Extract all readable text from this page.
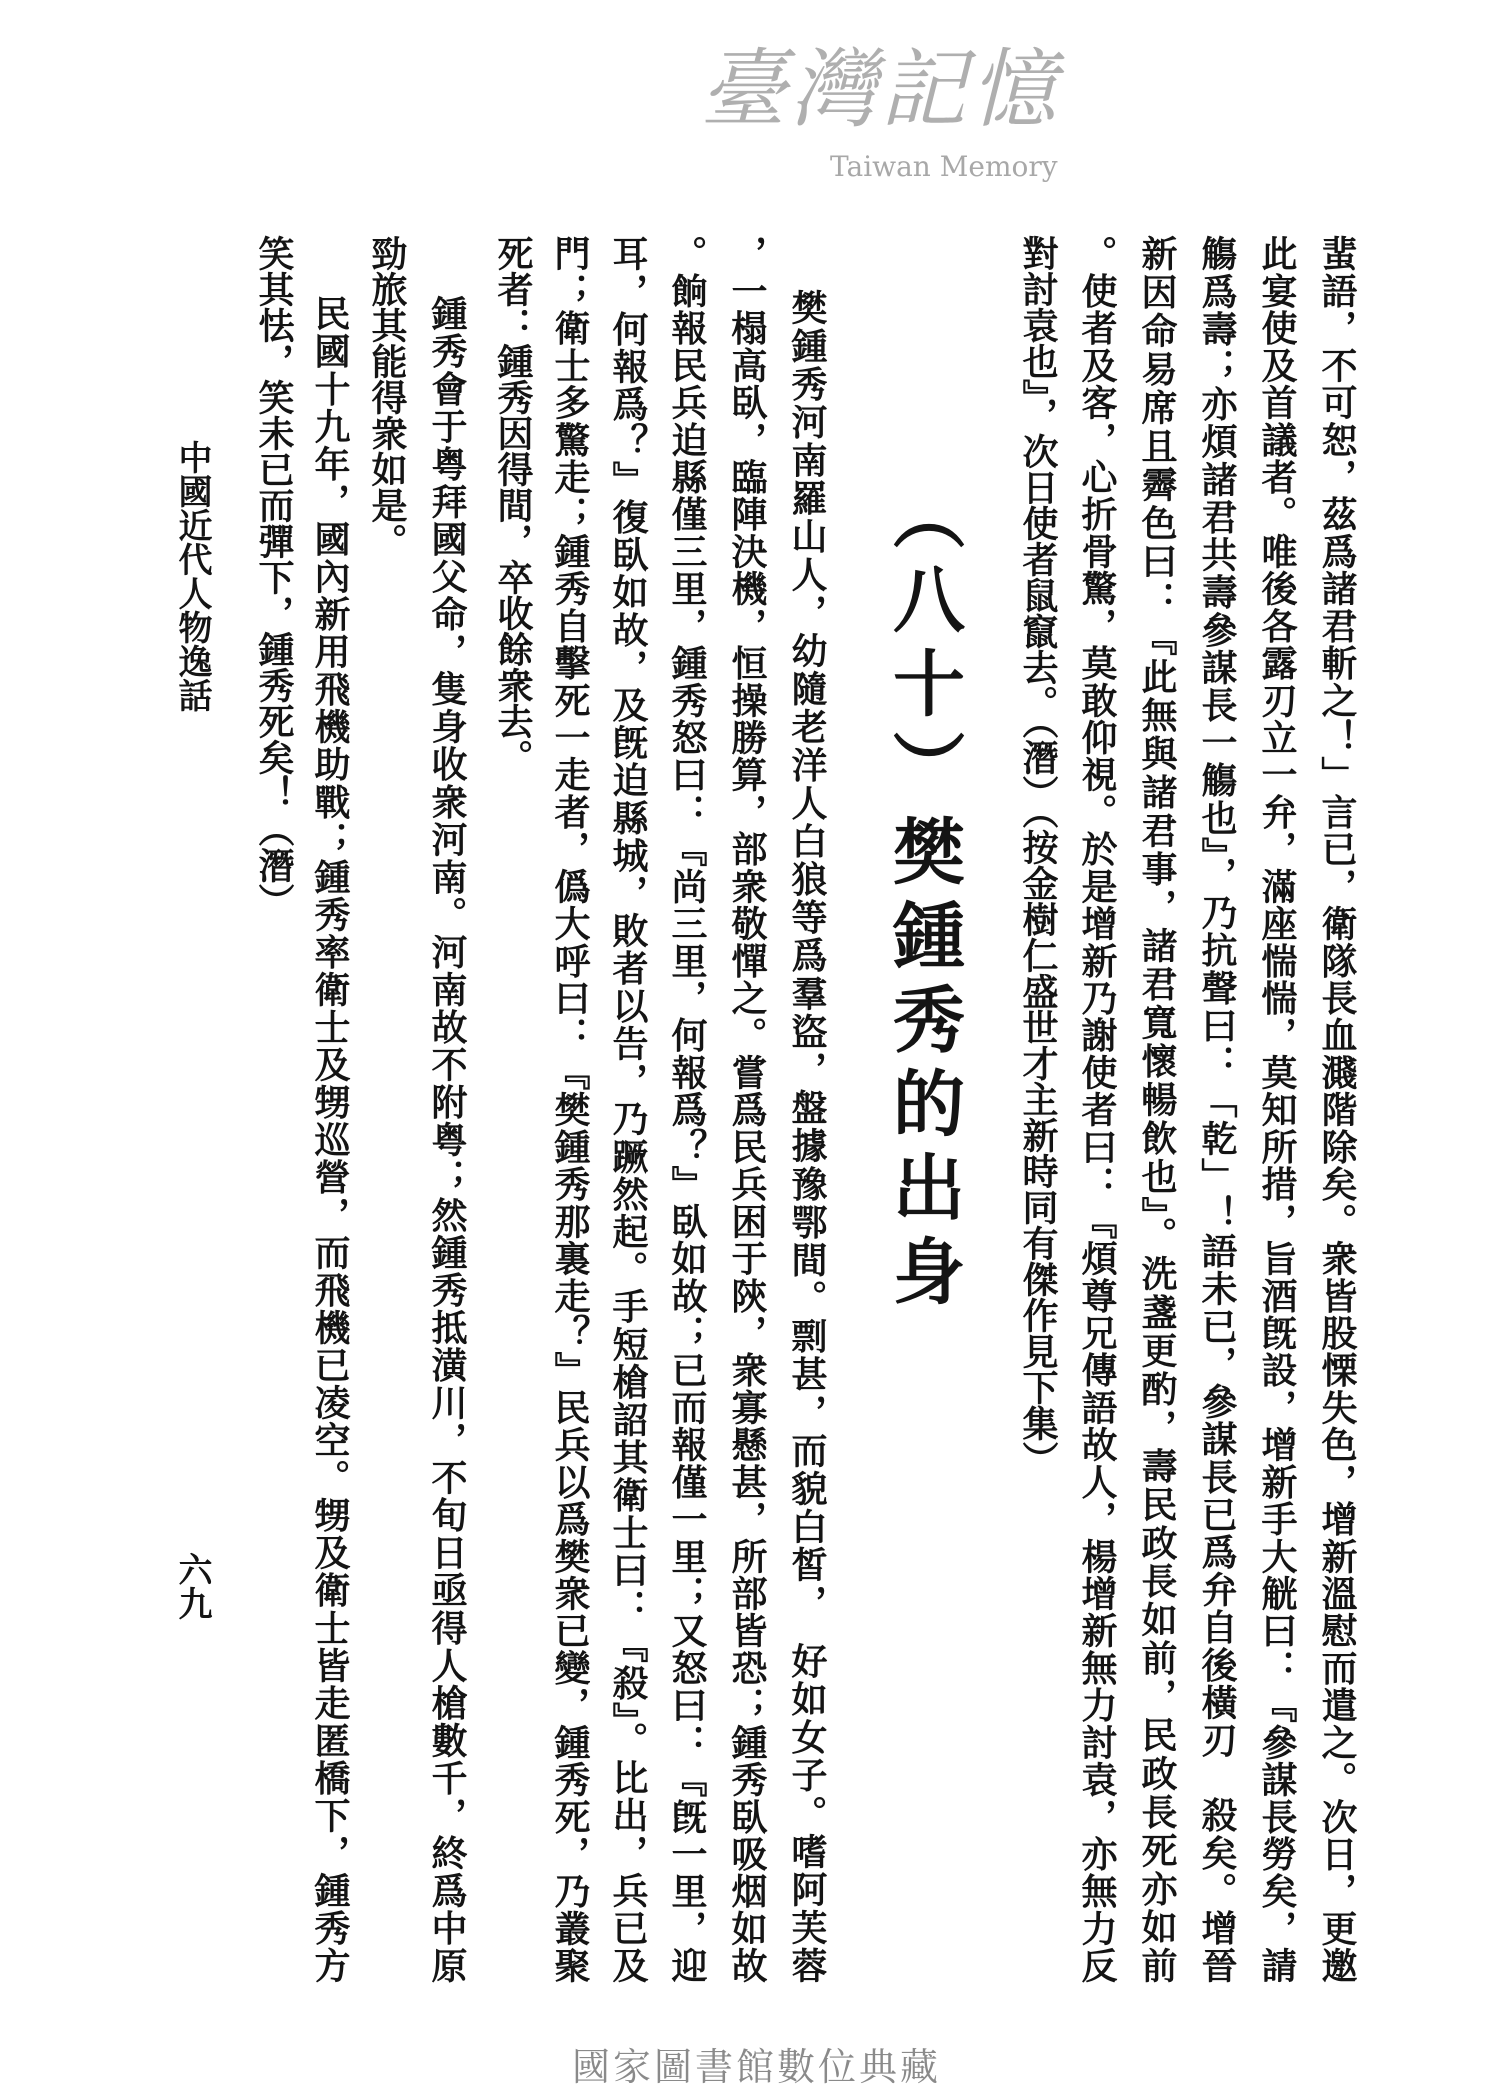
蜚語，不可恕，茲爲諸君斬之！」言已，衛隊長血濺階除矣。衆皆股慄失色，增新溫慰而遣之。次日，更邀
此宴使及首議者。唯後各露刃立一弁，滿座惴惴，莫知所措，旨酒旣設，增新手大觥曰：『參謀長勞矣，請
觴爲壽；亦煩諸君共壽參謀長一觴也』，乃抗聲曰：「乾」！語未已，參謀長已爲弁自後橫刃　殺矣。增晉
新因命易席且霽色曰：『此無與諸君事，諸君寬懷暢飲也』。洗盞更酌，壽民政長如前，民政長死亦如前
。使者及客，心折骨驚，莫敢仰視。於是增新乃謝使者曰：『煩尊兄傳語故人，楊增新無力討袁，亦無力反
對討袁也』，次日使者鼠竄去。（潛）（按金樹仁盛世才主新時同有傑作見下集）
（八十）樊鍾秀的出身
樊鍾秀河南羅山人，幼隨老洋人白狼等爲羣盜，盤據豫鄂間。剽甚，而貌白皙，　好如女子。嗜阿芙蓉
，一榻高臥，臨陣決機，恒操勝算，部衆敬憚之。嘗爲民兵困于陝，衆寡懸甚，所部皆恐；鍾秀臥吸烟如故
。餉報民兵迫縣僅三里，鍾秀怒曰：『尚三里，何報爲？』臥如故；已而報僅一里；又怒曰：『旣一里，迎
耳，何報爲？』復臥如故，及旣迫縣城，敗者以告，乃蹶然起。手短槍詔其衛士曰：『殺』。比出，兵已及
門；衛士多驚走；鍾秀自擊死一走者，僞大呼曰：『樊鍾秀那裏走？』民兵以爲樊衆已變，鍾秀死，乃叢聚
死者：鍾秀因得間，卒收餘衆去。
鍾秀會于粤拜國父命，隻身收衆河南。河南故不附粤；然鍾秀抵潢川，不旬日亟得人槍數千，終爲中原
勁旅其能得衆如是。
民國十九年，國內新用飛機助戰；鍾秀率衛士及甥巡營，而飛機已凌空。甥及衛士皆走匿橋下，鍾秀方
笑其怯，笑未已而彈下，鍾秀死矣！（潛）
中國近代人物逸話
六九
臺灣記憶
Taiwan Memory
國家圖書館數位典藏
